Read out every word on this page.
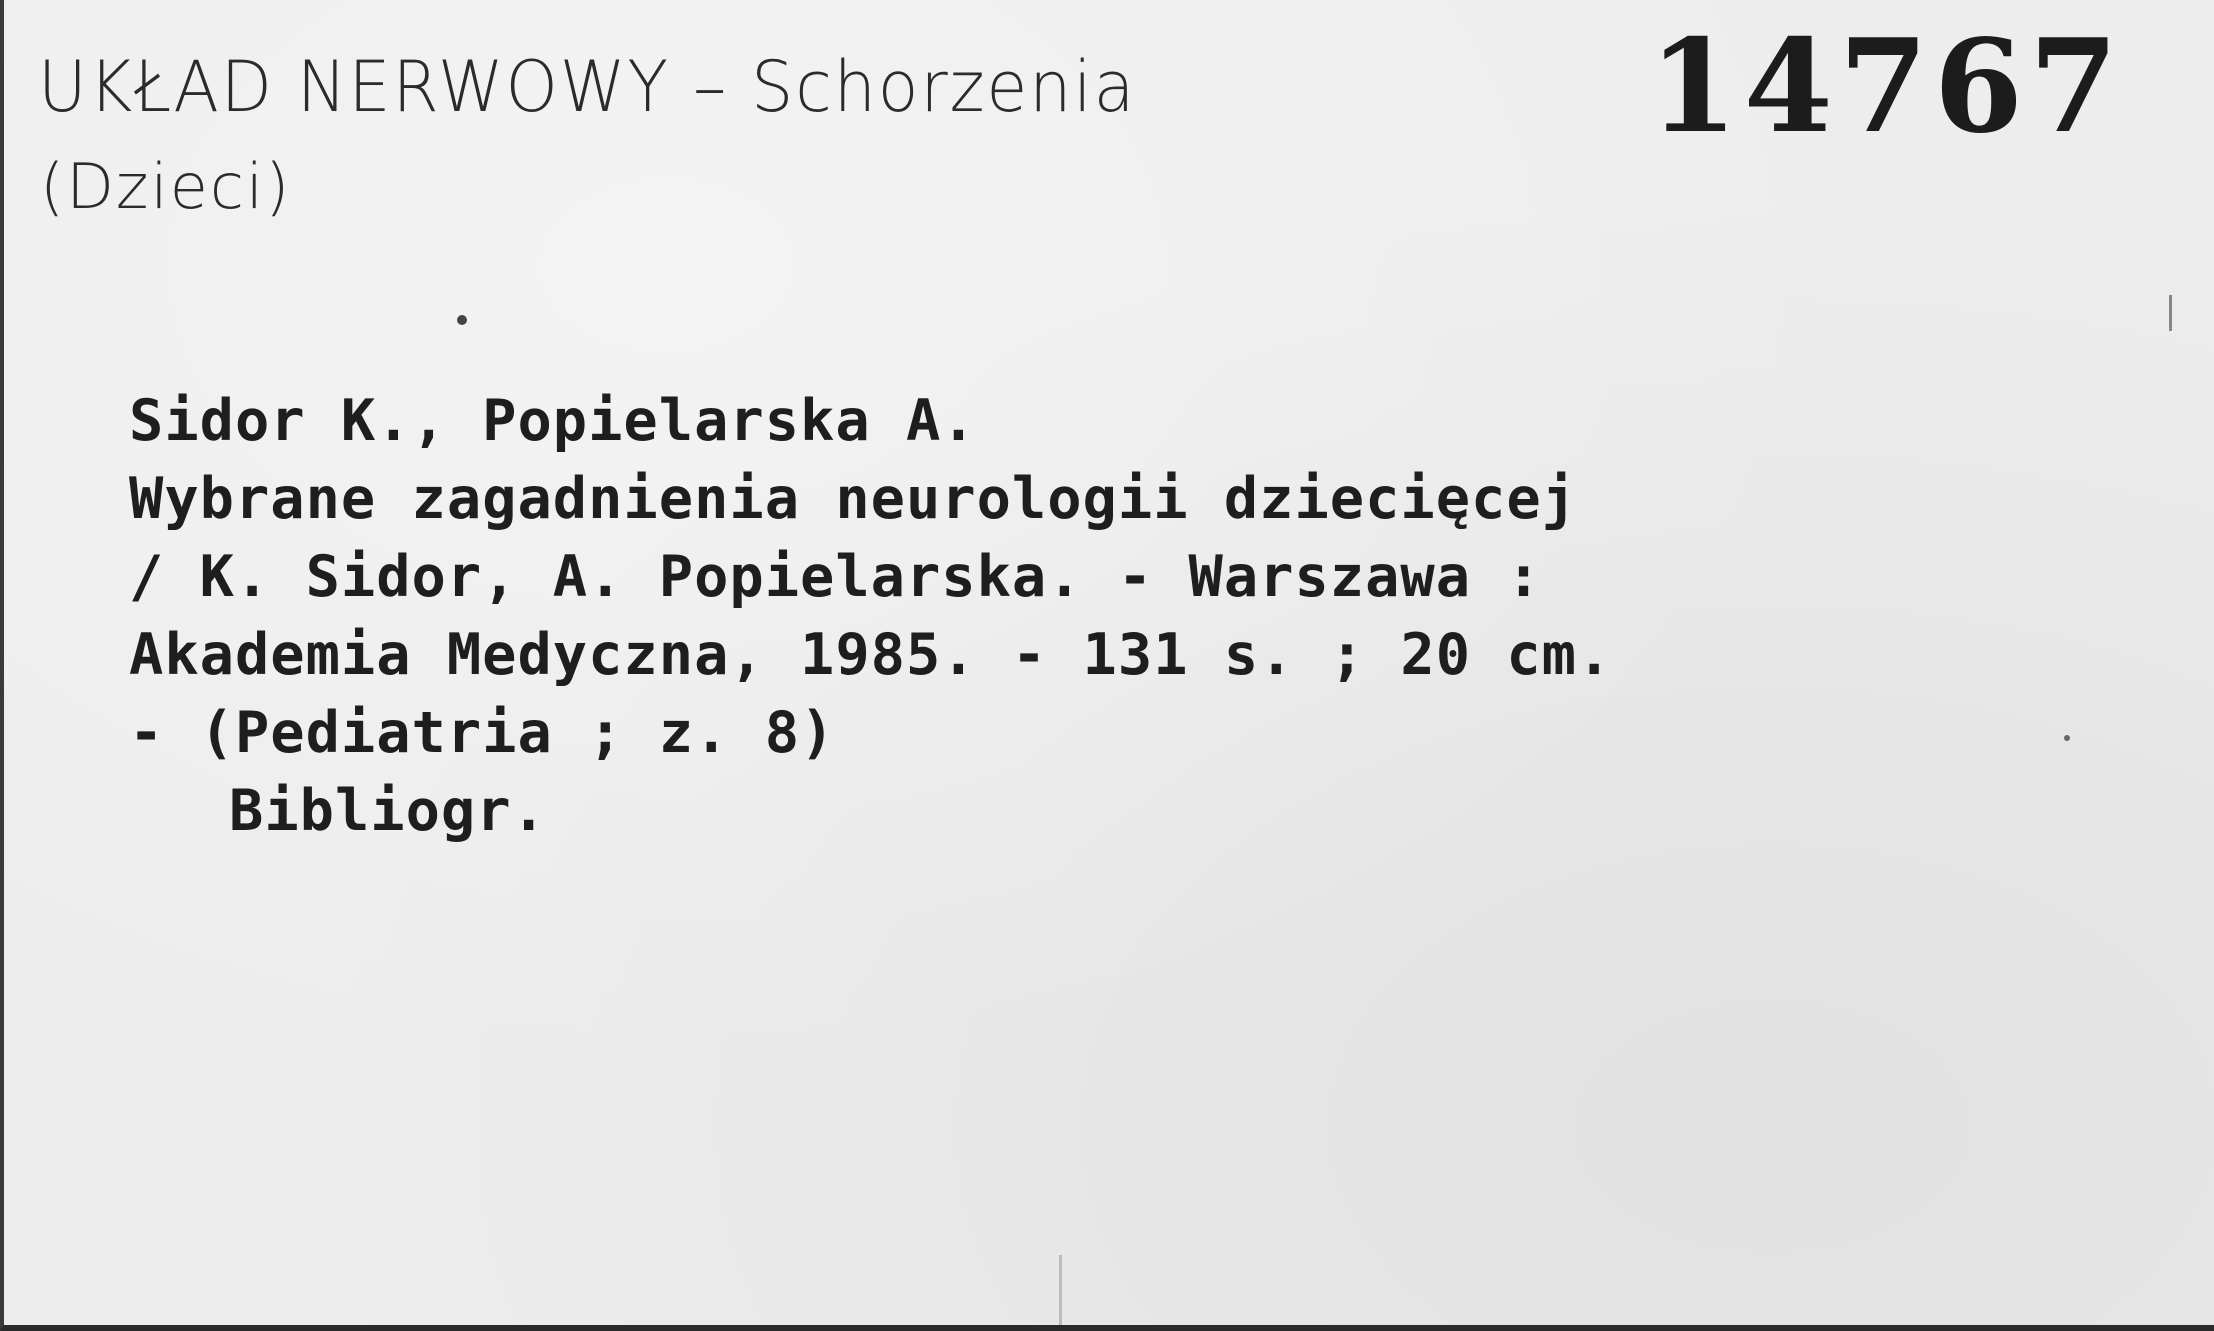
UKŁAD NERWOWY – Schorzenia
(Dzieci)
14767
Sidor K., Popielarska A.
Wybrane zagadnienia neurologii dziecięcej
/ K. Sidor, A. Popielarska. - Warszawa :
Akademia Medyczna, 1985. - 131 s. ; 20 cm.
- (Pediatria ; z. 8)
Bibliogr.
